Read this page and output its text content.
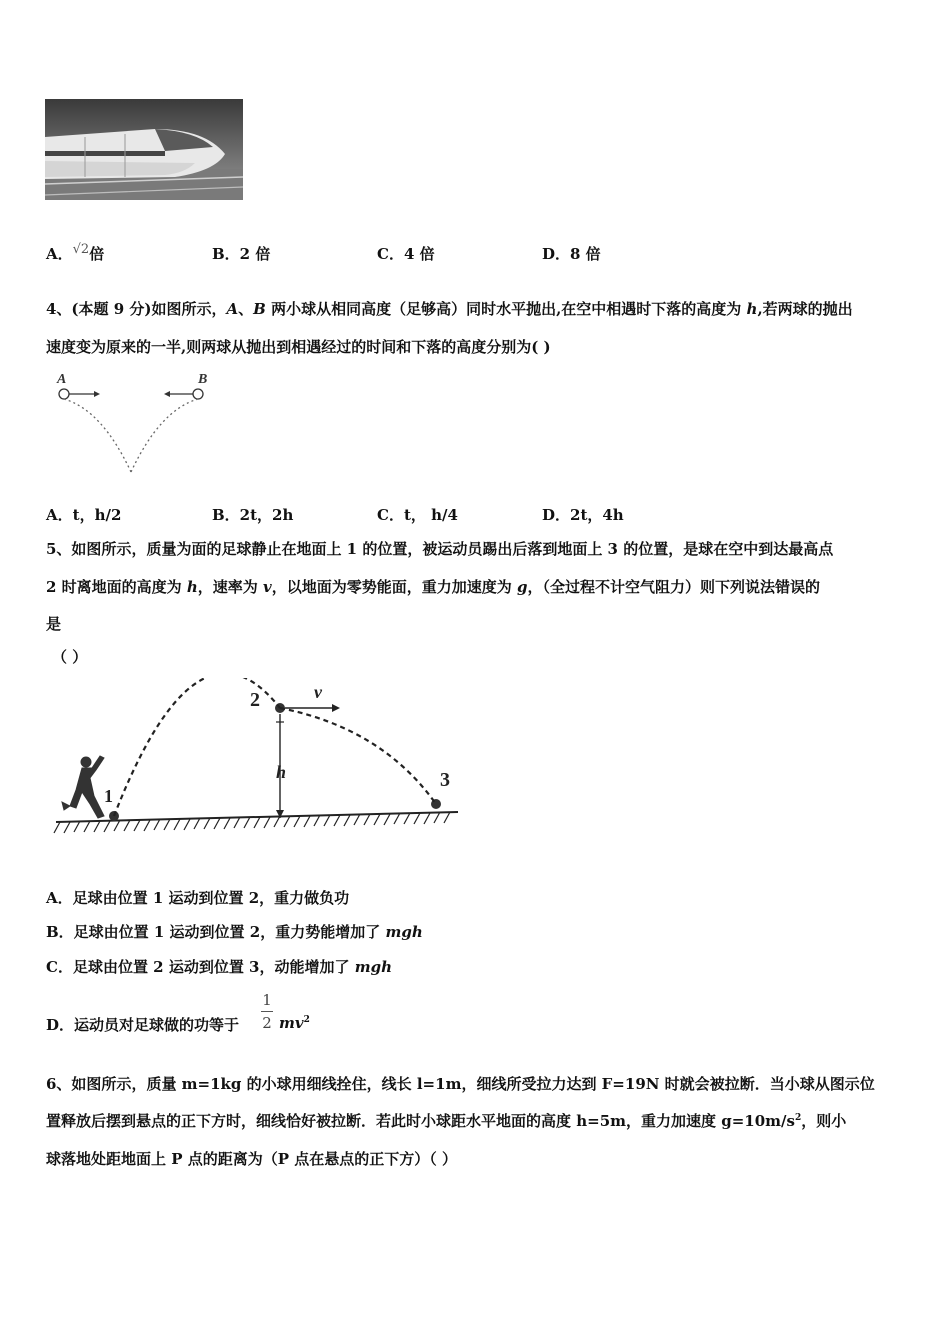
A．√2倍	B．2 倍	C．4 倍	D．8 倍
4、(本题 9 分)如图所示，A、B 两小球从相同高度（足够高）同时水平抛出,在空中相遇时下落的高度为 h,若两球的抛出
速度变为原来的一半,则两球从抛出到相遇经过的时间和下落的高度分别为( )
A	B
A．t，h/2	B．2t，2h	C．t， h/4	D．2t，4h
5、如图所示，质量为面的足球静止在地面上 1 的位置，被运动员踢出后落到地面上 3 的位置，是球在空中到达最高点
2 时离地面的高度为 h，速率为 v，以地面为零势能面，重力加速度为 g，（全过程不计空气阻力）则下列说法错误的
是
（ ）
1
2
3
v
h
A．足球由位置 1 运动到位置 2，重力做负功
B．足球由位置 1 运动到位置 2，重力势能增加了 mgh
C．足球由位置 2 运动到位置 3，动能增加了 mgh
D．运动员对足球做的功等于
1
2 $mv^2$
6、如图所示，质量 m=1kg 的小球用细线拴住，线长 l=1m，细线所受拉力达到 F=19N 时就会被拉断．当小球从图示位
置释放后摆到悬点的正下方时，细线恰好被拉断．若此时小球距水平地面的高度 h=5m，重力加速度 $g=10m/s^2$，则小
球落地处距地面上 P 点的距离为（P 点在悬点的正下方）（ ）
